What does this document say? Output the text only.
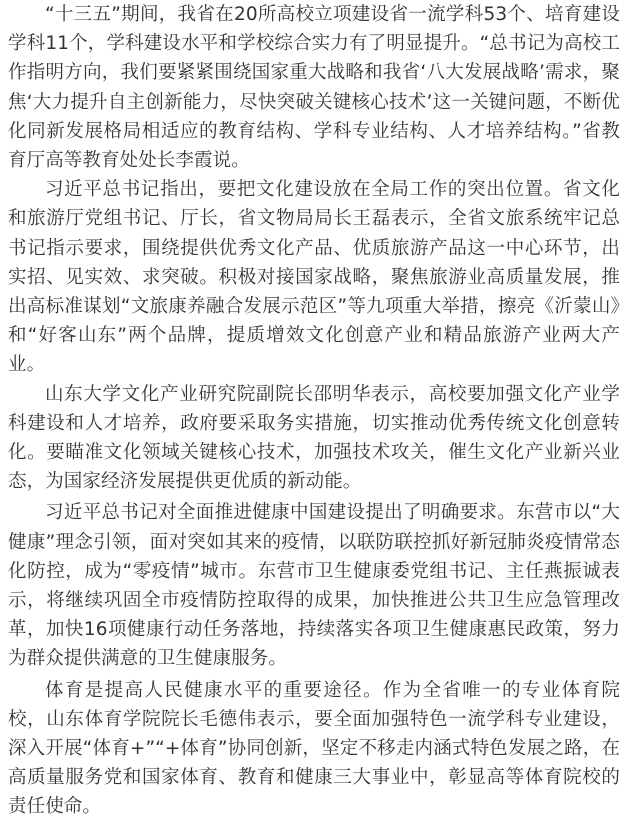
“十三五”期间，我省在20所高校立项建设省一流学科53个、培育建设学科11个，学科建设水平和学校综合实力有了明显提升。“总书记为高校工作指明方向，我们要紧紧围绕国家重大战略和我省‘八大发展战略’需求，聚焦‘大力提升自主创新能力，尽快突破关键核心技术’这一关键问题，不断优化同新发展格局相适应的教育结构、学科专业结构、人才培养结构。”省教育厅高等教育处处长李霞说。

习近平总书记指出，要把文化建设放在全局工作的突出位置。省文化和旅游厅党组书记、厅长，省文物局局长王磊表示，全省文旅系统牢记总书记指示要求，围绕提供优秀文化产品、优质旅游产品这一中心环节，出实招、见实效、求突破。积极对接国家战略，聚焦旅游业高质量发展，推出高标准谋划“文旅康养融合发展示范区”等九项重大举措，擦亮《沂蒙山》和“好客山东”两个品牌，提质增效文化创意产业和精品旅游产业两大产业。

山东大学文化产业研究院副院长邵明华表示，高校要加强文化产业学科建设和人才培养，政府要采取务实措施，切实推动优秀传统文化创意转化。要瞄准文化领域关键核心技术，加强技术攻关，催生文化产业新兴业态，为国家经济发展提供更优质的新动能。

习近平总书记对全面推进健康中国建设提出了明确要求。东营市以“大健康”理念引领，面对突如其来的疫情，以联防联控抓好新冠肺炎疫情常态化防控，成为“零疫情”城市。东营市卫生健康委党组书记、主任燕振诚表示，将继续巩固全市疫情防控取得的成果，加快推进公共卫生应急管理改革，加快16项健康行动任务落地，持续落实各项卫生健康惠民政策，努力为群众提供满意的卫生健康服务。

体育是提高人民健康水平的重要途径。作为全省唯一的专业体育院校，山东体育学院院长毛德伟表示，要全面加强特色一流学科专业建设，深入开展“体育+”“+体育”协同创新，坚定不移走内涵式特色发展之路，在高质量服务党和国家体育、教育和健康三大事业中，彰显高等体育院校的责任使命。
